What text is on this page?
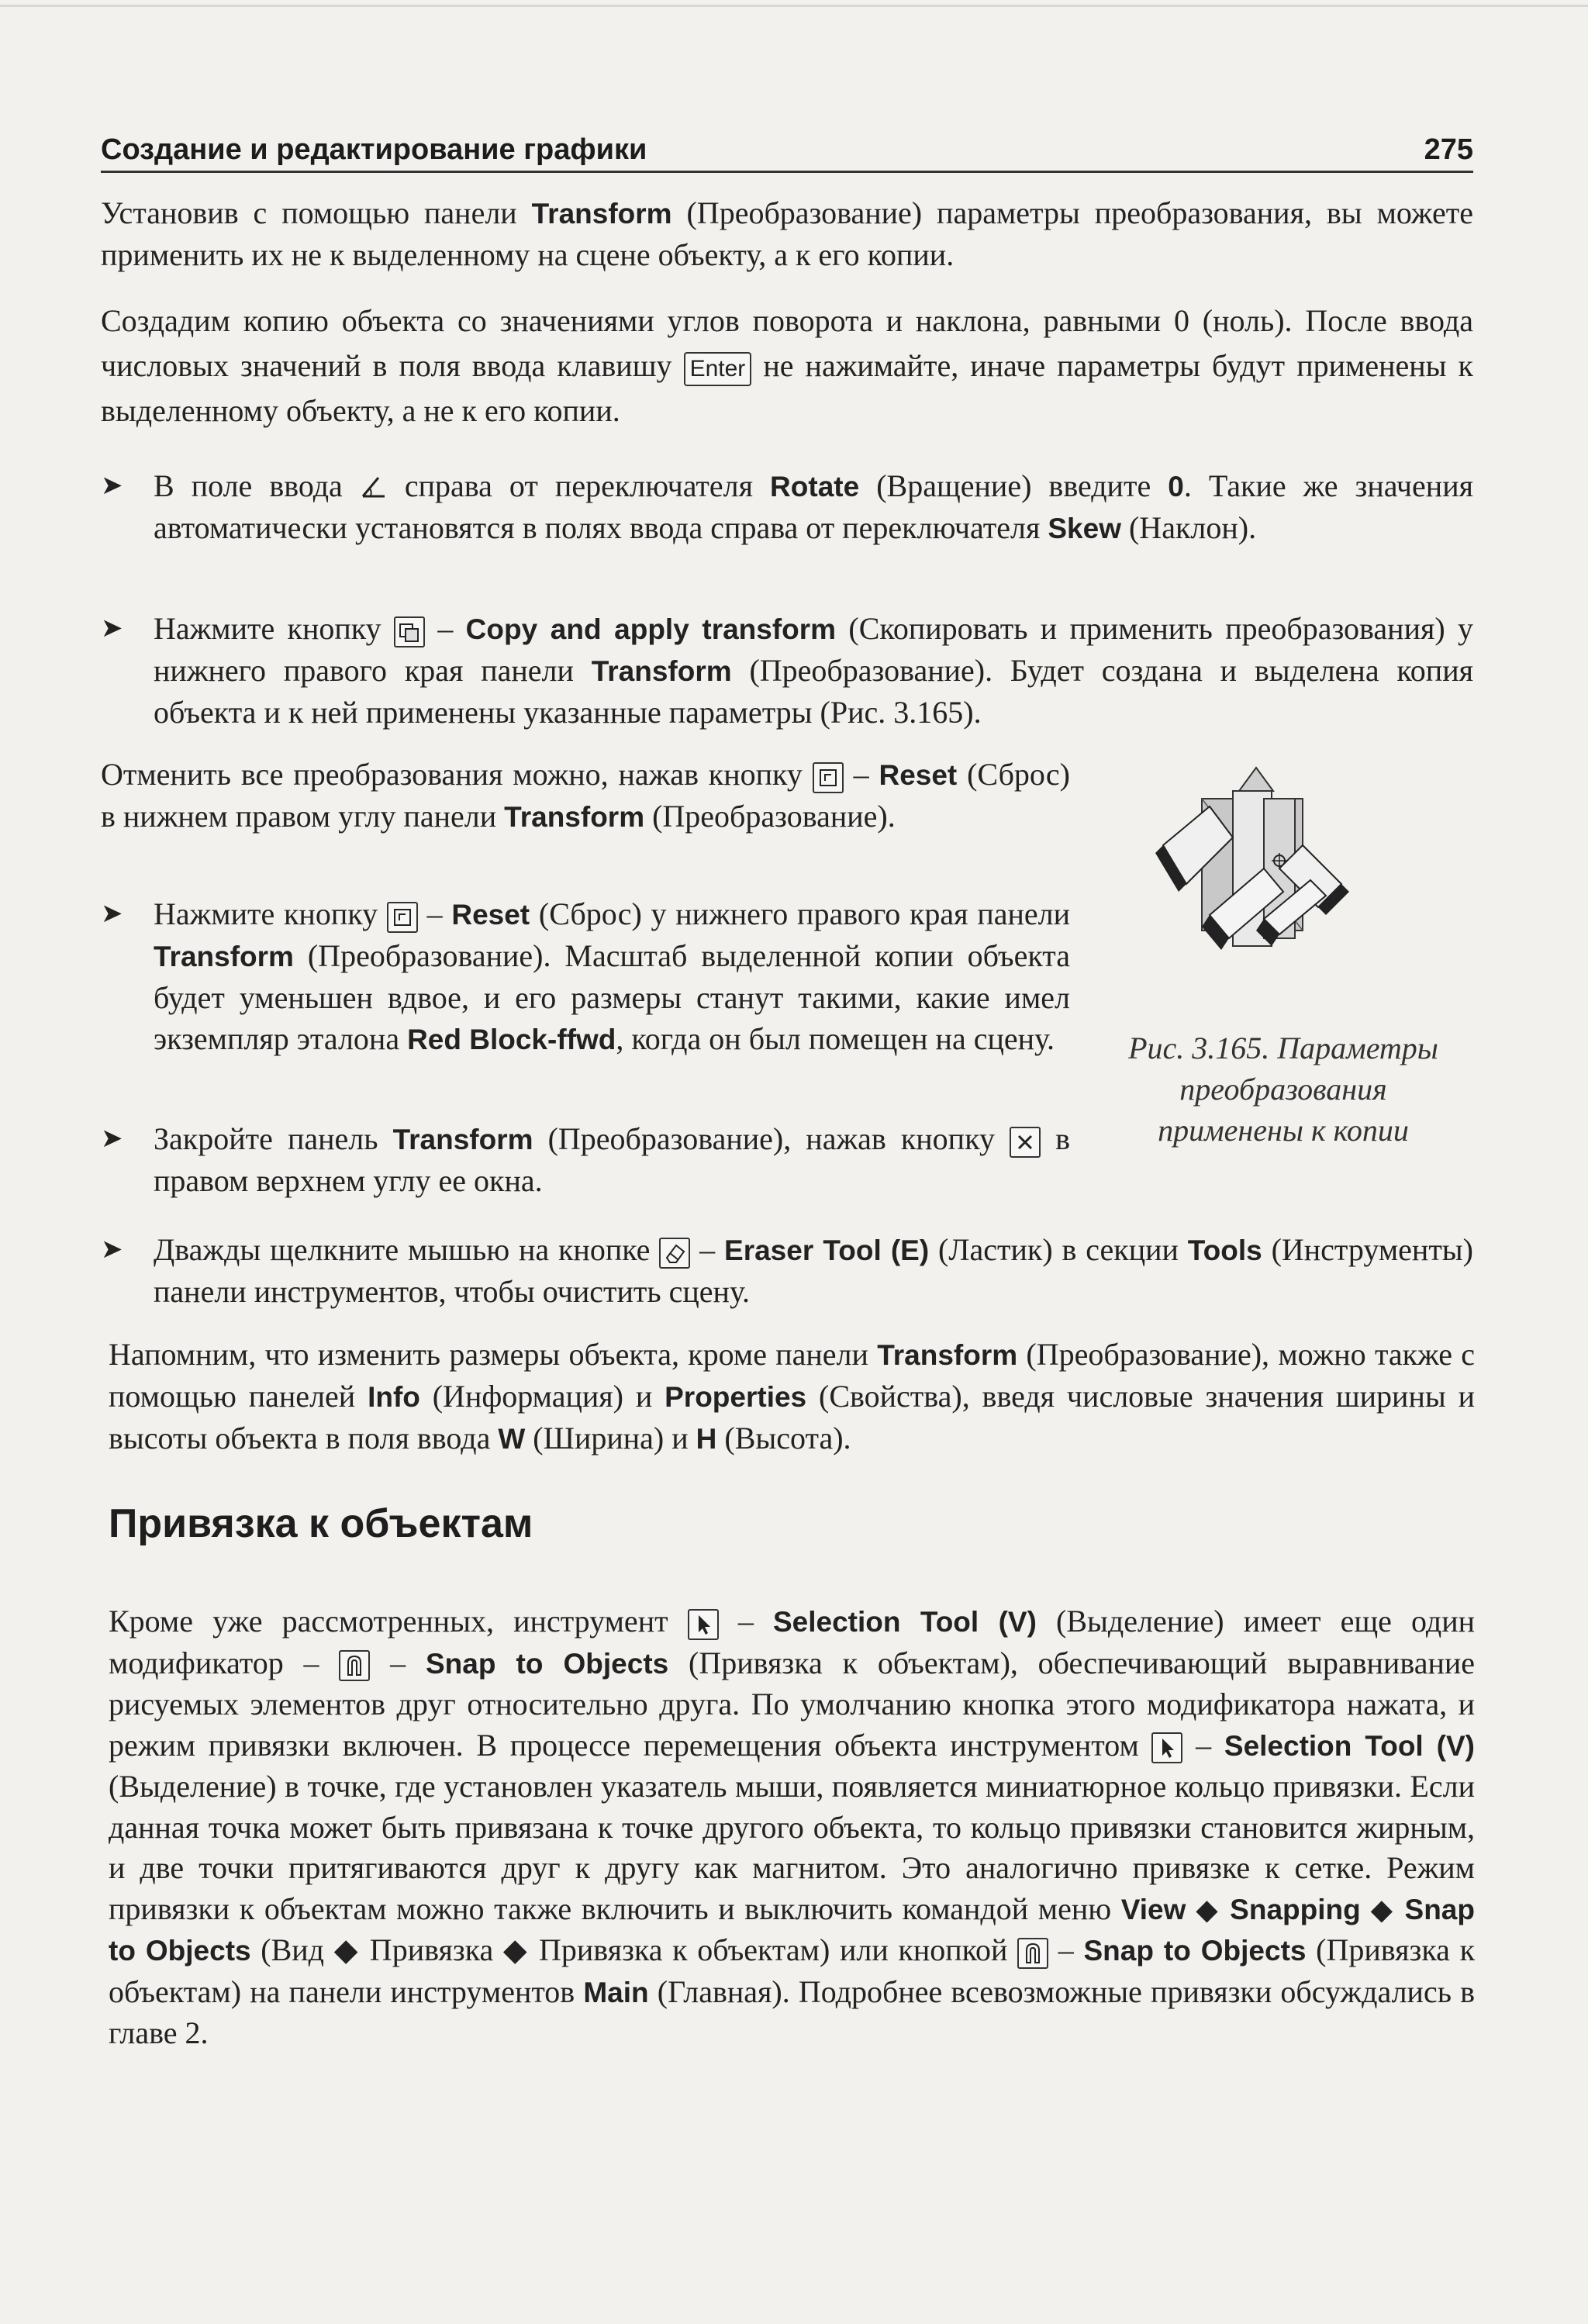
Создание и редактирование графики	275

Установив с помощью панели Transform (Преобразование) параметры преобразования, вы можете применить их не к выделенному на сцене объекту, а к его копии.

Создадим копию объекта со значениями углов поворота и наклона, равными 0 (ноль). После ввода числовых значений в поля ввода клавишу Enter не нажимайте, иначе параметры будут применены к выделенному объекту, а не к его копии.

➤ В поле ввода  справа от переключателя Rotate (Вращение) введите 0. Такие же значения автоматически установятся в полях ввода справа от переключателя Skew (Наклон).
➤ Нажмите кнопку
– Copy and apply transform (Скопировать и применить преобразования) у нижнего правого края панели Transform (Преобразование). Будет создана и выделена копия объекта и к ней применены указанные параметры (Рис. 3.165).

Отменить все преобразования можно, нажав кнопку
– Reset (Сброс) в нижнем правом углу панели Transform (Преобразование).

➤ Нажмите кнопку
– Reset (Сброс) у нижнего правого края панели Transform (Преобразование). Масштаб выделенной копии объекта будет уменьшен вдвое, и его размеры станут такими, какие имел экземпляр эталона Red Block-ffwd, когда он был помещен на сцену.
➤ Закройте панель Transform (Преобразование), нажав кнопку
в правом верхнем углу ее окна.
Рис. 3.165. Параметры
преобразования
применены к копии
➤ Дважды щелкните мышью на кнопке
– Eraser Tool (E) (Ластик) в секции Tools (Инструменты) панели инструментов, чтобы очистить сцену.

Напомним, что изменить размеры объекта, кроме панели Transform (Преобразование), можно также с помощью панелей Info (Информация) и Properties (Свойства), введя числовые значения ширины и высоты объекта в поля ввода W (Ширина) и H (Высота).

Привязка к объектам

Кроме уже рассмотренных, инструмент
– Selection Tool (V) (Выделение) имеет еще один модификатор –
– Snap to Objects (Привязка к объектам), обеспечивающий выравнивание рисуемых элементов друг относительно друга. По умолчанию кнопка этого модификатора нажата, и режим привязки включен. В процессе перемещения объекта инструментом
– Selection Tool (V) (Выделение) в точке, где установлен указатель мыши, появляется миниатюрное кольцо привязки. Если данная точка может быть привязана к точке другого объекта, то кольцо привязки становится жирным, и две точки притягиваются друг к другу как магнитом. Это аналогично привязке к сетке. Режим привязки к объектам можно также включить и выключить командой меню View ◆ Snapping ◆ Snap to Objects (Вид ◆ Привязка ◆ Привязка к объектам) или кнопкой
– Snap to Objects (Привязка к объектам) на панели инструментов Main (Главная). Подробнее всевозможные привязки обсуждались в главе 2.
